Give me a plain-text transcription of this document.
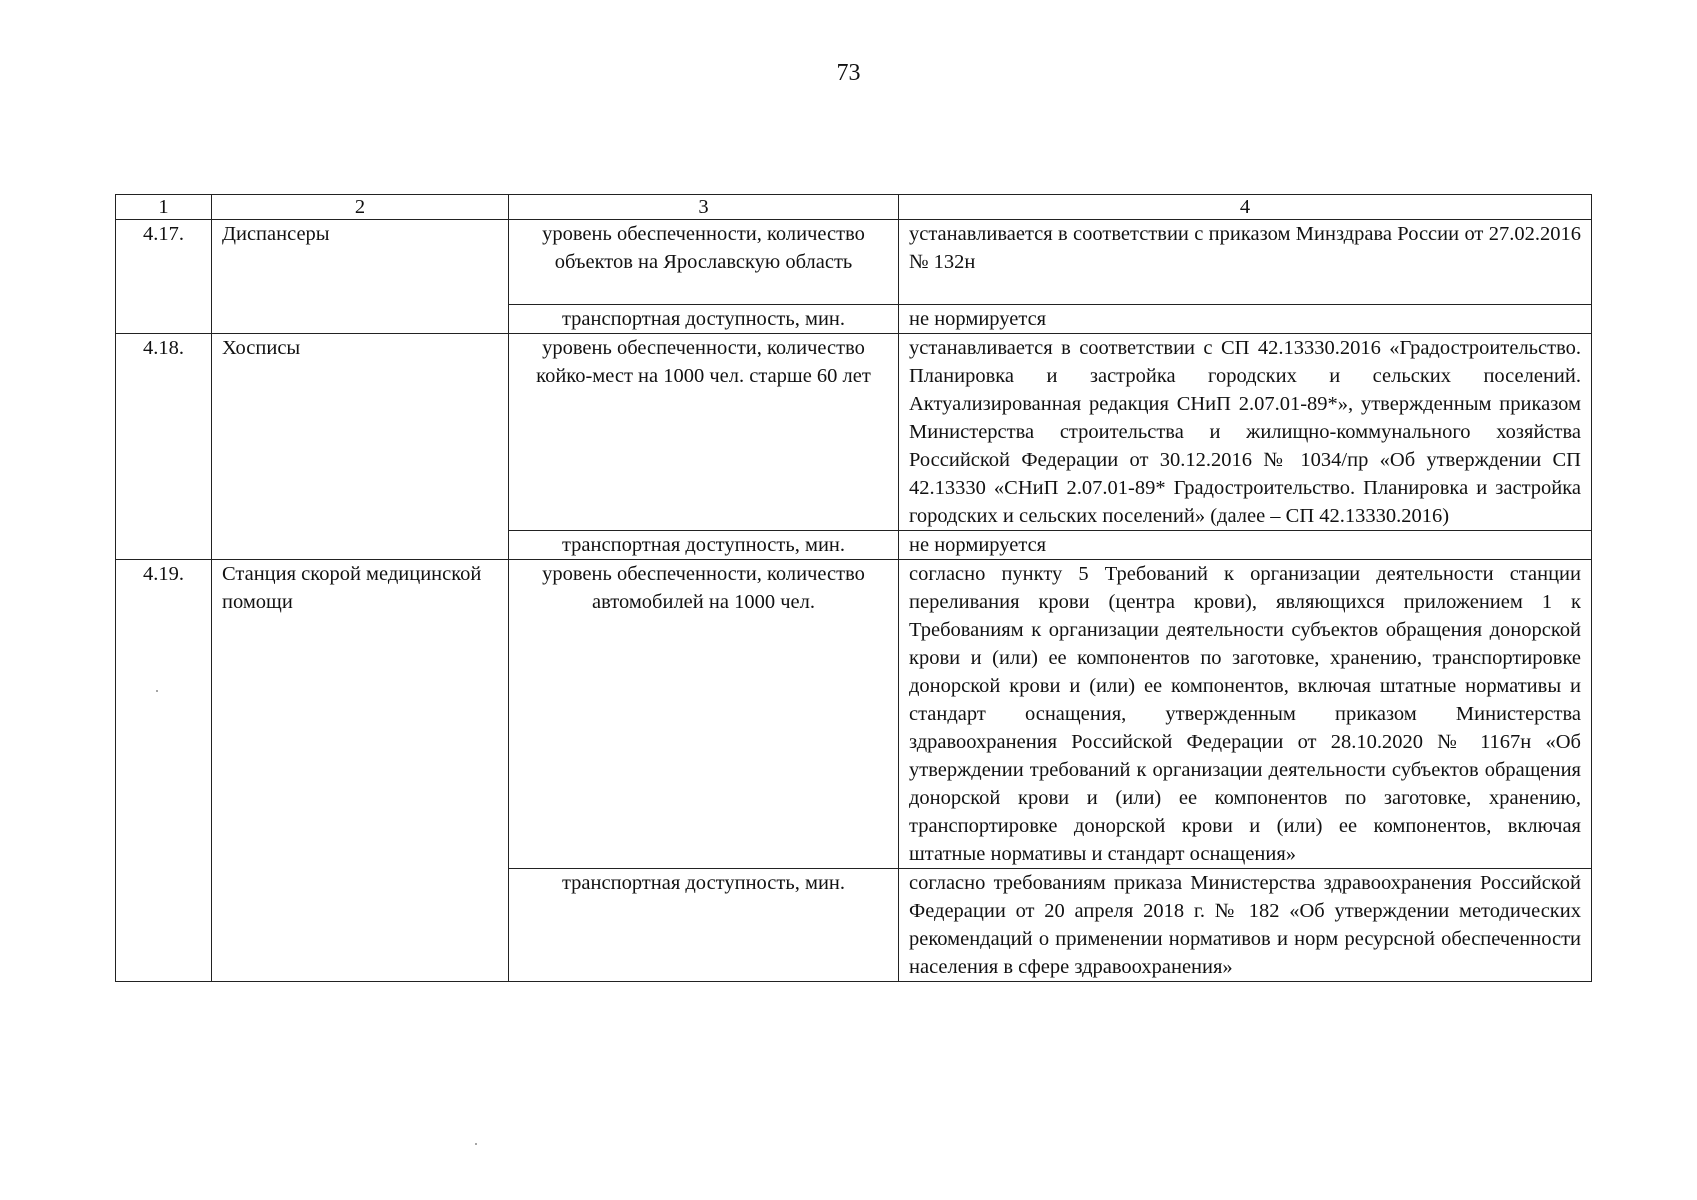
73
1	2	3	4
4.17.	Диспансеры	уровень обеспеченности, количество объектов на Ярославскую область	устанавливается в соответствии с приказом Минздрава России от 27.02.2016 № 132н
		транспортная доступность, мин.	не нормируется
4.18.	Хосписы	уровень обеспеченности, количество койко-мест на 1000 чел. старше 60 лет	устанавливается в соответствии с СП 42.13330.2016 «Градостроительство. Планировка и застройка городских и сельских поселений. Актуализированная редакция СНиП 2.07.01-89*», утвержденным приказом Министерства строительства и жилищно-коммунального хозяйства Российской Федерации от 30.12.2016 № 1034/пр «Об утверждении СП 42.13330 «СНиП 2.07.01-89* Градостроительство. Планировка и застройка городских и сельских поселений» (далее – СП 42.13330.2016)
		транспортная доступность, мин.	не нормируется
4.19.	Станция скорой медицинской помощи	уровень обеспеченности, количество автомобилей на 1000 чел.	согласно пункту 5 Требований к организации деятельности станции переливания крови (центра крови), являющихся приложением 1 к Требованиям к организации деятельности субъектов обращения донорской крови и (или) ее компонентов по заготовке, хранению, транспортировке донорской крови и (или) ее компонентов, включая штатные нормативы и стандарт оснащения, утвержденным приказом Министерства здравоохранения Российской Федерации от 28.10.2020 № 1167н «Об утверждении требований к организации деятельности субъектов обращения донорской крови и (или) ее компонентов по заготовке, хранению, транспортировке донорской крови и (или) ее компонентов, включая штатные нормативы и стандарт оснащения»
		транспортная доступность, мин.	согласно требованиям приказа Министерства здравоохранения Российской Федерации от 20 апреля 2018 г. № 182 «Об утверждении методических рекомендаций о применении нормативов и норм ресурсной обеспеченности населения в сфере здравоохранения»
